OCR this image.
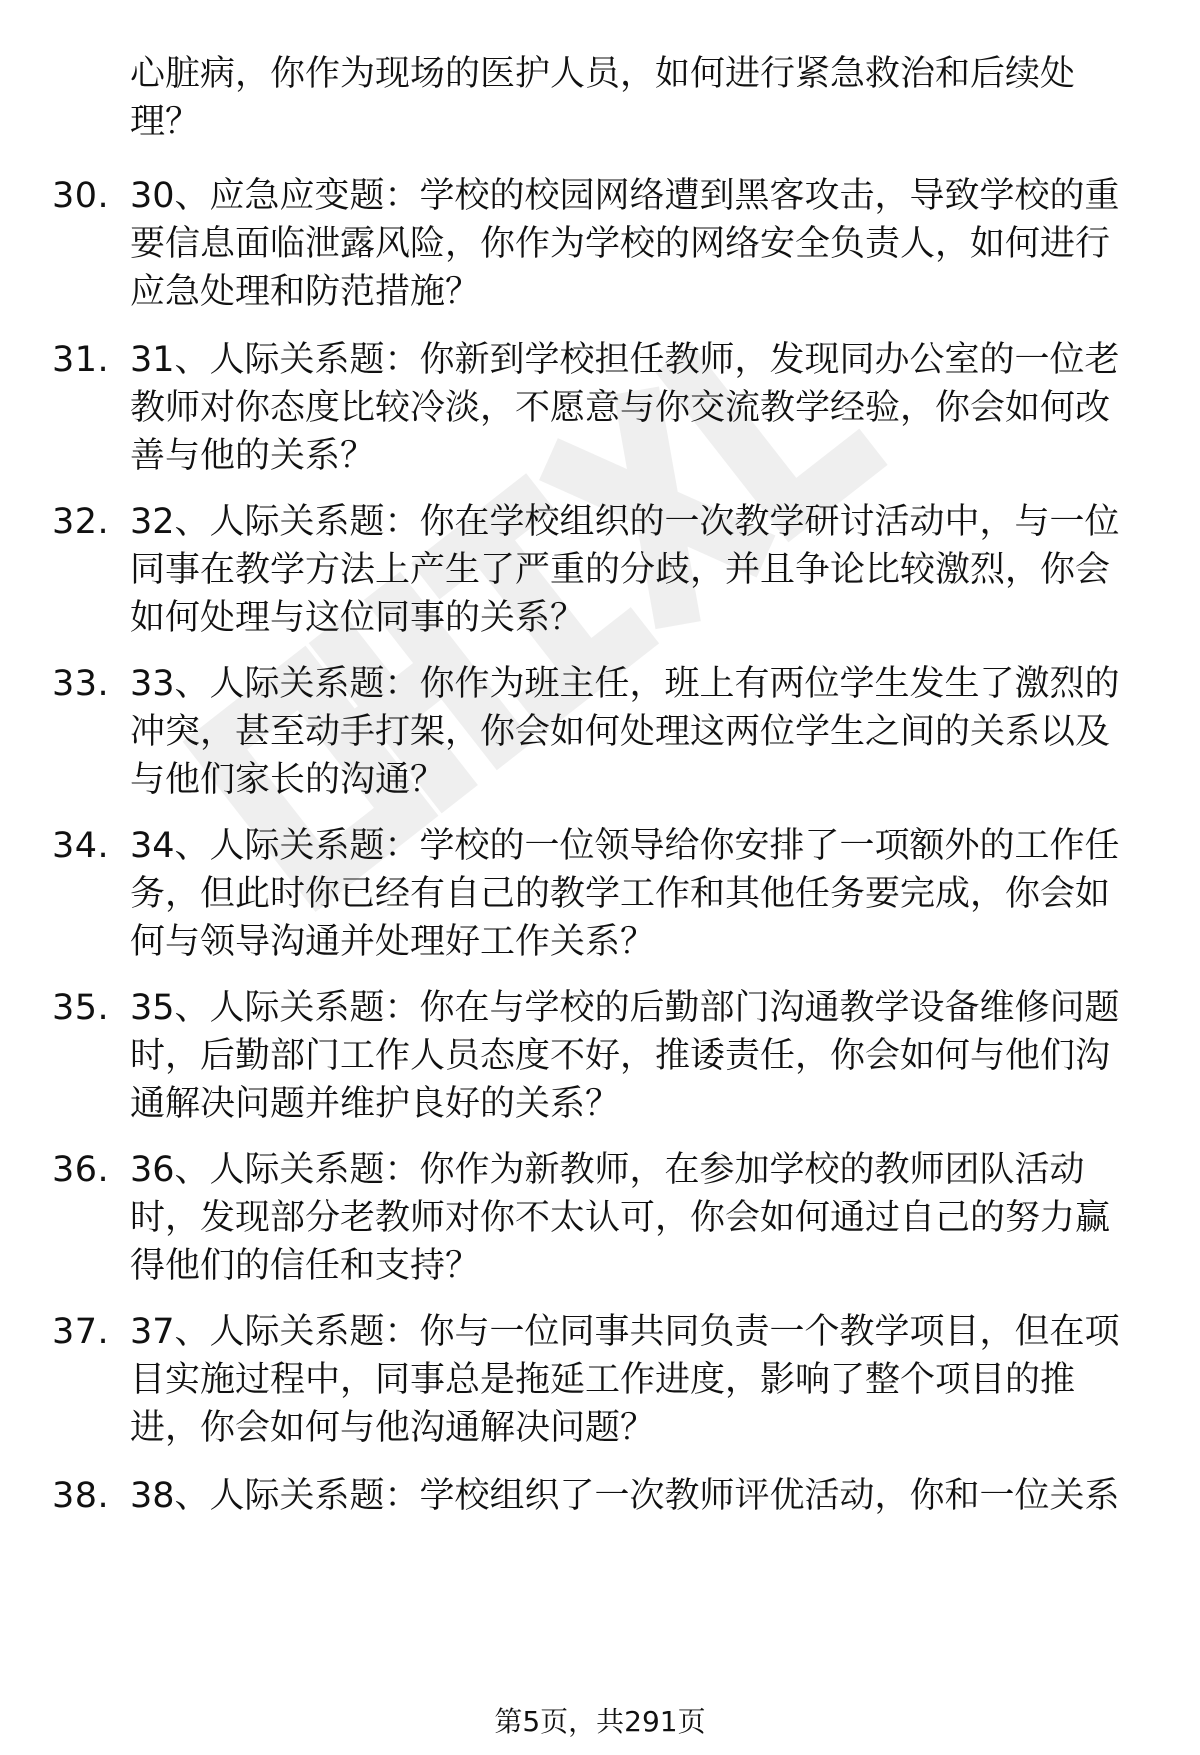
心脏病，你作为现场的医护人员，如何进行紧急救治和后续处
理？
30. 30、应急应变题：学校的校园网络遭到黑客攻击，导致学校的重
要信息面临泄露风险，你作为学校的网络安全负责人，如何进行
应急处理和防范措施？
31. 31、人际关系题：你新到学校担任教师，发现同办公室的一位老
教师对你态度比较冷淡，不愿意与你交流教学经验，你会如何改
善与他的关系？
32. 32、人际关系题：你在学校组织的一次教学研讨活动中，与一位
同事在教学方法上产生了严重的分歧，并且争论比较激烈，你会
如何处理与这位同事的关系？
33. 33、人际关系题：你作为班主任，班上有两位学生发生了激烈的
冲突，甚至动手打架，你会如何处理这两位学生之间的关系以及
与他们家长的沟通？
34. 34、人际关系题：学校的一位领导给你安排了一项额外的工作任
务，但此时你已经有自己的教学工作和其他任务要完成，你会如
何与领导沟通并处理好工作关系？
35. 35、人际关系题：你在与学校的后勤部门沟通教学设备维修问题
时，后勤部门工作人员态度不好，推诿责任，你会如何与他们沟
通解决问题并维护良好的关系？
36. 36、人际关系题：你作为新教师，在参加学校的教师团队活动
时，发现部分老教师对你不太认可，你会如何通过自己的努力赢
得他们的信任和支持？
37. 37、人际关系题：你与一位同事共同负责一个教学项目，但在项
目实施过程中，同事总是拖延工作进度，影响了整个项目的推
进，你会如何与他沟通解决问题？
38. 38、人际关系题：学校组织了一次教师评优活动，你和一位关系
第5页，共291页
